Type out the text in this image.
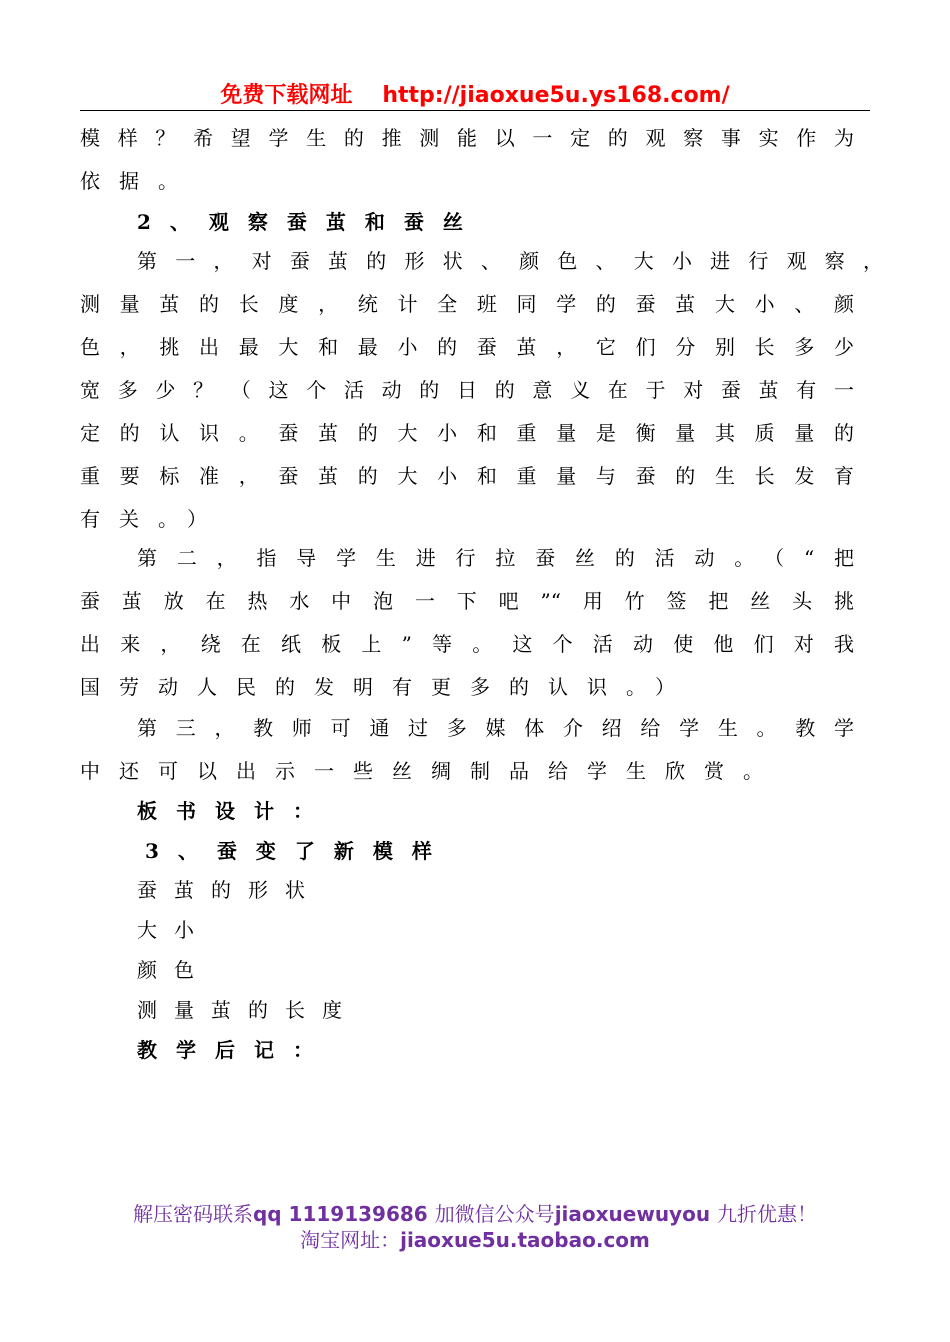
免费下载网址 http://jiaoxue5u.ys168.com/
模样？希望学生的推测能以一定的观察事实作为
依据。
2、观察蚕茧和蚕丝
第一，对蚕茧的形状、颜色、大小进行观察，
测量茧的长度，统计全班同学的蚕茧大小、颜
色，挑出最大和最小的蚕茧，它们分别长多少
宽多少？（这个活动的日的意义在于对蚕茧有一
定的认识。蚕茧的大小和重量是衡量其质量的
重要标准，蚕茧的大小和重量与蚕的生长发育
有关。）
第二，指导学生进行拉蚕丝的活动。（“把
蚕茧放在热水中泡一下吧”“用竹签把丝头挑
出来，绕在纸板上”等。这个活动使他们对我
国劳动人民的发明有更多的认识。）
第三，教师可通过多媒体介绍给学生。教学
中还可以出示一些丝绸制品给学生欣赏。
板书设计：
3、蚕变了新模样
蚕茧的形状
大小
颜色
测量茧的长度
教学后记：
解压密码联系qq 1119139686 加微信公众号jiaoxuewuyou 九折优惠！
淘宝网址：jiaoxue5u.taobao.com
